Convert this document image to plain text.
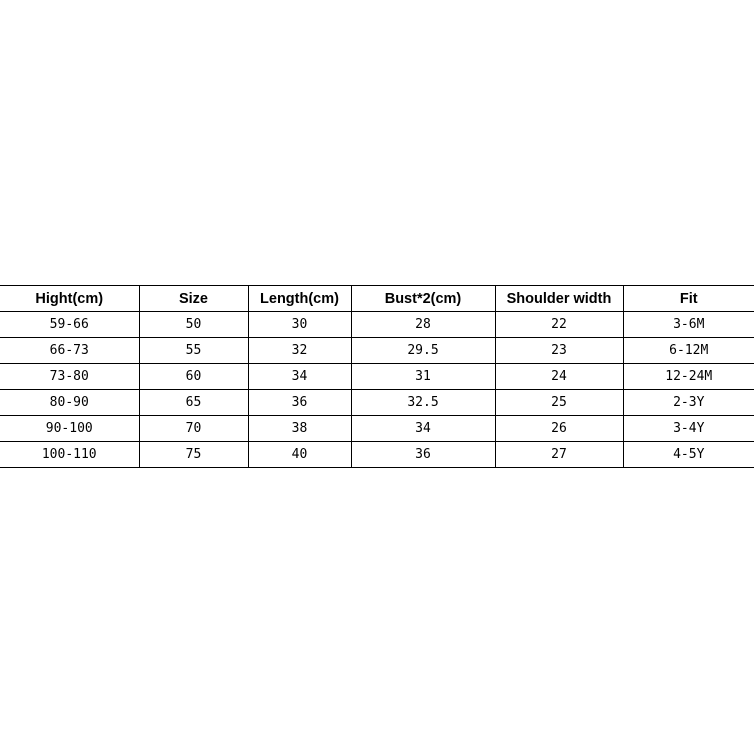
Hight(cm)	Size	Length(cm)	Bust*2(cm)	Shoulder width	Fit
59-66	50	30	28	22	3-6M
66-73	55	32	29.5	23	6-12M
73-80	60	34	31	24	12-24M
80-90	65	36	32.5	25	2-3Y
90-100	70	38	34	26	3-4Y
100-110	75	40	36	27	4-5Y
